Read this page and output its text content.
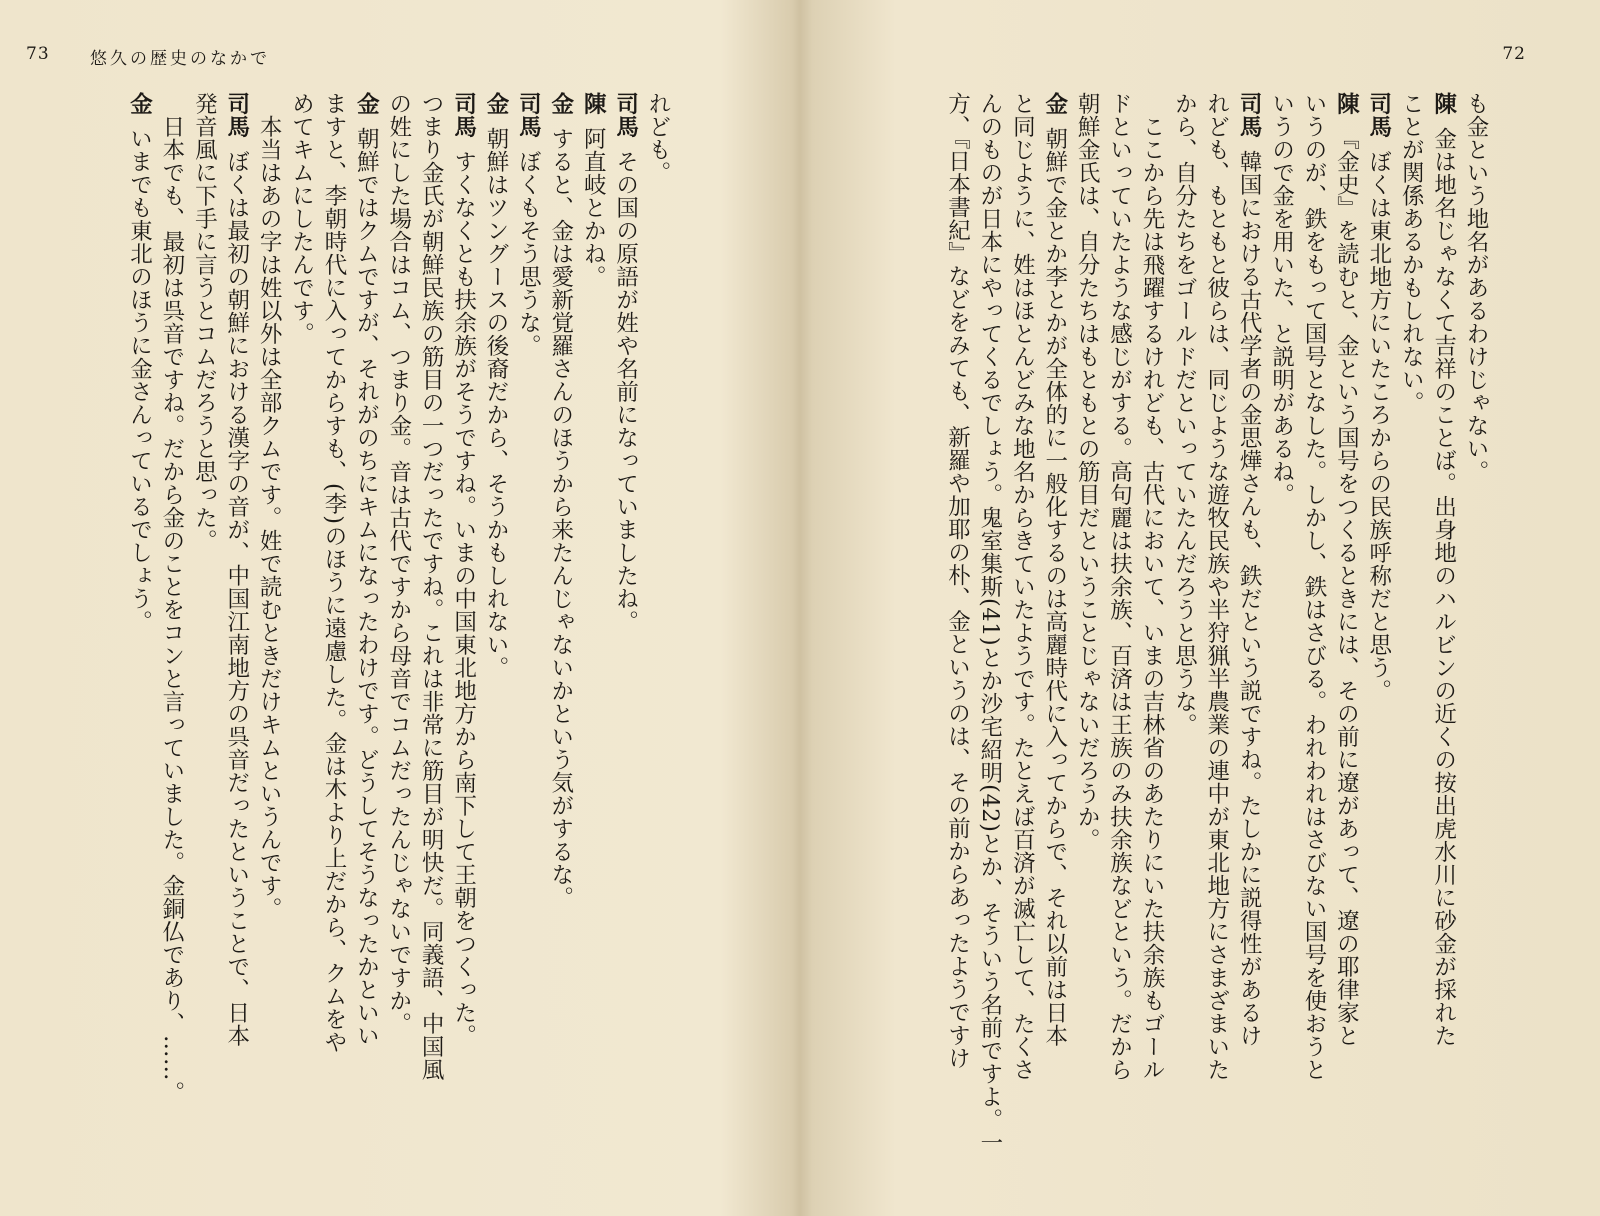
73 悠久の歴史のなかで
れども。
司馬その国の原語が姓や名前になっていましたね。
陳阿直岐とかね。
金すると、金は愛新覚羅さんのほうから来たんじゃないかという気がするな。
司馬ぼくもそう思うな。
金朝鮮はツングースの後裔だから、そうかもしれない。
司馬すくなくとも扶余族がそうですね。いまの中国東北地方から南下して王朝をつくった。
つまり金氏が朝鮮民族の筋目の一つだったですね。これは非常に筋目が明快だ。同義語、中国風
の姓にした場合はコム、つまり金。音は古代ですから母音でコムだったんじゃないですか。
金朝鮮ではクムですが、それがのちにキムになったわけです。どうしてそうなったかといい
ますと、李朝時代に入ってからすも、(李)のほうに遠慮した。金は木より上だから、クムをや
めてキムにしたんです。
　本当はあの字は姓以外は全部クムです。姓で読むときだけキムというんです。
司馬ぼくは最初の朝鮮における漢字の音が、中国江南地方の呉音だったということで、日本
発音風に下手に言うとコムだろうと思った。
　日本でも、最初は呉音ですね。だから金のことをコンと言っていました。金銅仏であり、……。
金いまでも東北のほうに金さんっているでしょう。
72
も金という地名があるわけじゃない。
陳金は地名じゃなくて吉祥のことば。出身地のハルビンの近くの按出虎水川に砂金が採れた
ことが関係あるかもしれない。
司馬ぼくは東北地方にいたころからの民族呼称だと思う。
陳『金史』を読むと、金という国号をつくるときには、その前に遼があって、遼の耶律家と
いうのが、鉄をもって国号となした。しかし、鉄はさびる。われわれはさびない国号を使おうと
いうので金を用いた、と説明があるね。
司馬韓国における古代学者の金思燁さんも、鉄だという説ですね。たしかに説得性があるけ
れども、もともと彼らは、同じような遊牧民族や半狩猟半農業の連中が東北地方にさまざまいた
から、自分たちをゴールドだといっていたんだろうと思うな。
　ここから先は飛躍するけれども、古代において、いまの吉林省のあたりにいた扶余族もゴール
ドといっていたような感じがする。高句麗は扶余族、百済は王族のみ扶余族などという。だから
朝鮮金氏は、自分たちはもともとの筋目だということじゃないだろうか。
金朝鮮で金とか李とかが全体的に一般化するのは高麗時代に入ってからで、それ以前は日本
と同じように、姓はほとんどみな地名からきていたようです。たとえば百済が滅亡して、たくさ
んのものが日本にやってくるでしょう。鬼室集斯(41)とか沙宅紹明(42)とか、そういう名前ですよ。一
方、『日本書紀』などをみても、新羅や加耶の朴、金というのは、その前からあったようですけ
